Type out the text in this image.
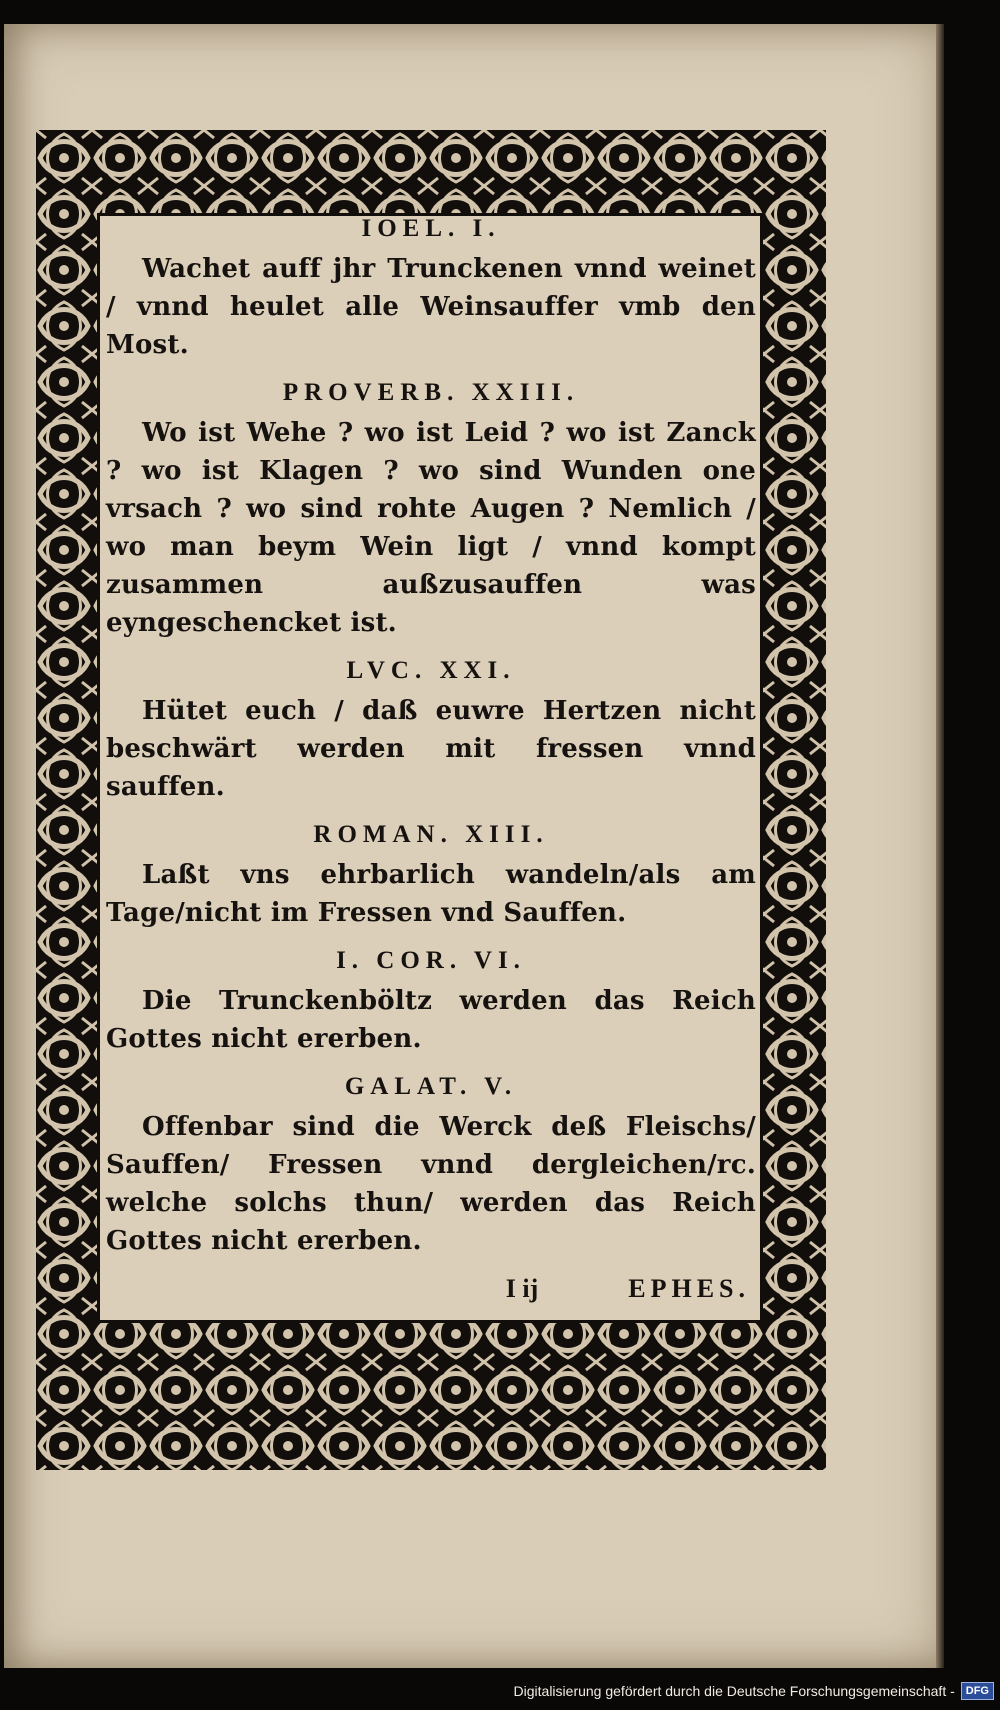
IOEL. I.

Wachet auff jhr Trunckenen vnnd weinet / vnnd heulet alle Weinsauffer vmb den Most.

PROVERB. XXIII.

Wo ist Wehe ? wo ist Leid ? wo ist Zanck ? wo ist Klagen ? wo sind Wunden one vrsach ? wo sind rohte Augen ? Nemlich / wo man beym Wein ligt / vnnd kompt zusammen außzusauffen was eyngeschencket ist.

LVC. XXI.

Hütet euch / daß euwre Hertzen nicht beschwärt werden mit fressen vnnd sauffen.

ROMAN. XIII.

Laßt vns ehrbarlich wandeln/als am Tage/nicht im Fressen vnd Sauffen.

I. COR. VI.

Die Trunckenböltz werden das Reich Gottes nicht ererben.

GALAT. V.

Offenbar sind die Werck deß Fleischs/ Sauffen/ Fressen vnnd dergleichen/rc. welche solchs thun/ werden das Reich Gottes nicht ererben.

I ij	EPHES.
Digitalisierung gefördert durch die Deutsche Forschungsgemeinschaft -	DFG
